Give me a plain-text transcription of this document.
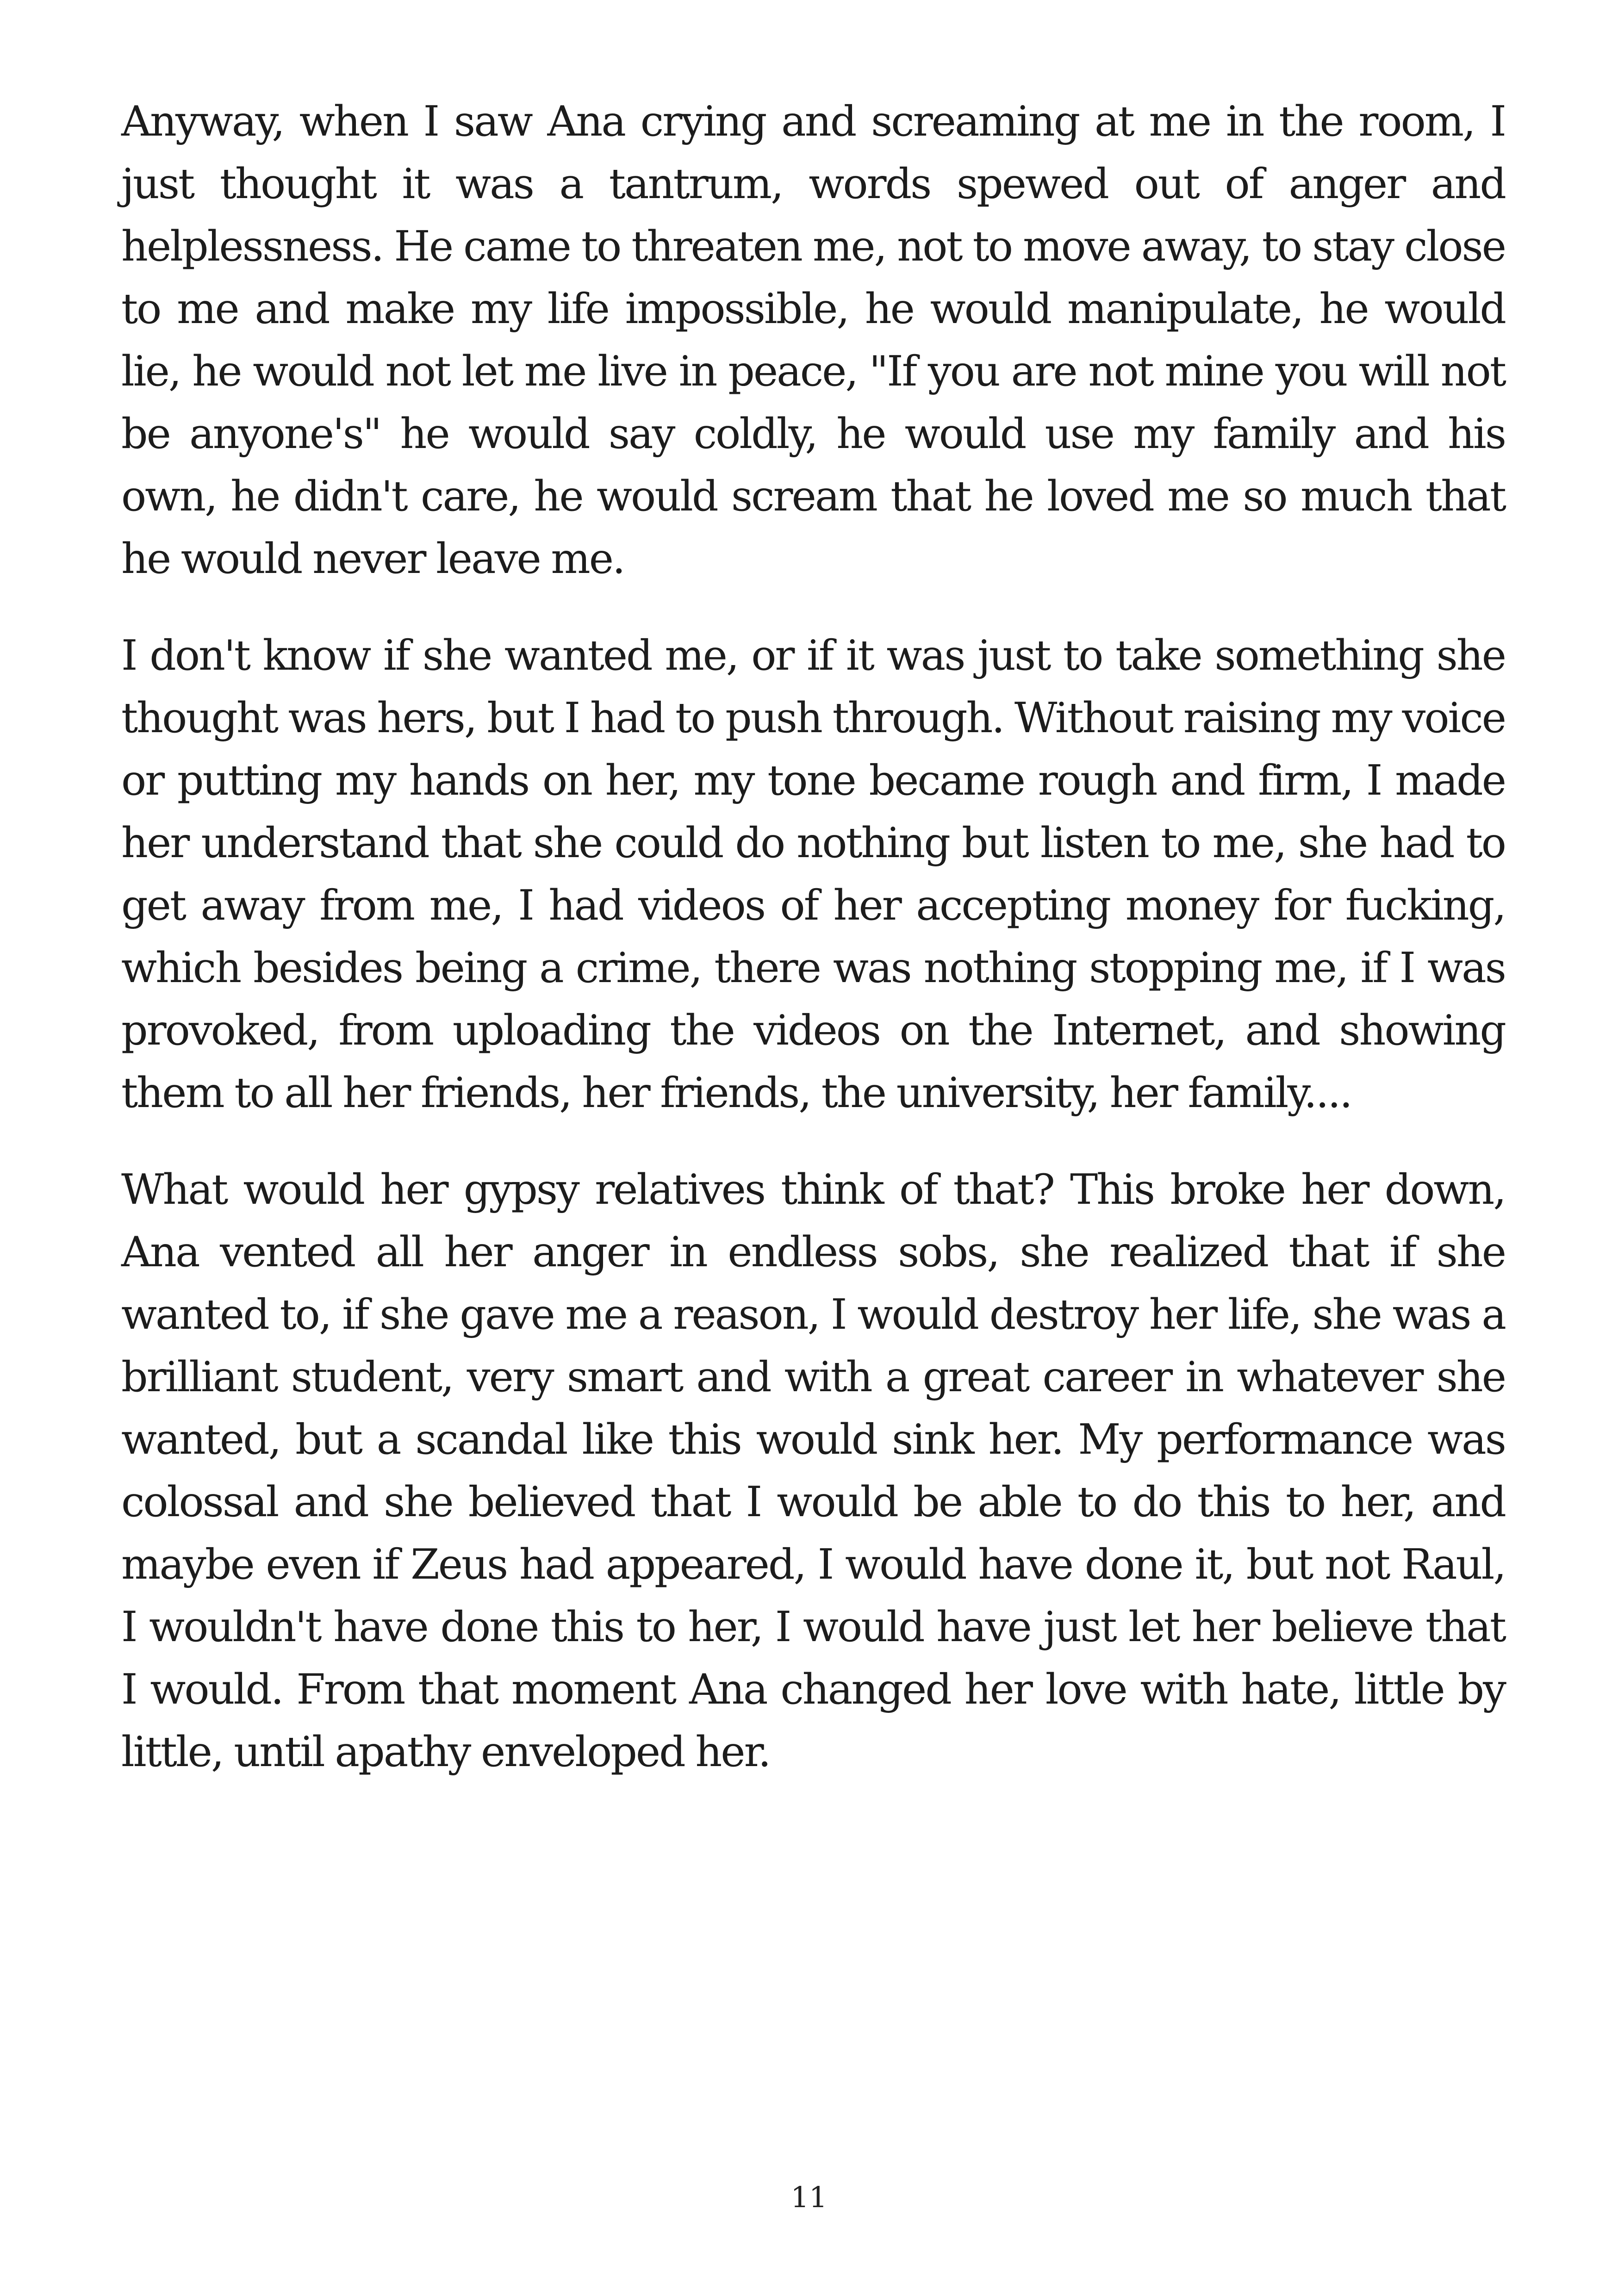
Anyway, when I saw Ana crying and screaming at me in the room, I just thought it was a tantrum, words spewed out of anger and helplessness. He came to threaten me, not to move away, to stay close to me and make my life impossible, he would manipulate, he would lie, he would not let me live in peace, "If you are not mine you will not be anyone's" he would say coldly, he would use my family and his own, he didn't care, he would scream that he loved me so much that he would never leave me.

I don't know if she wanted me, or if it was just to take something she thought was hers, but I had to push through. Without raising my voice or putting my hands on her, my tone became rough and firm, I made her understand that she could do nothing but listen to me, she had to get away from me, I had videos of her accepting money for fucking, which besides being a crime, there was nothing stopping me, if I was provoked, from uploading the videos on the Internet, and showing them to all her friends, her friends, the university, her family....

What would her gypsy relatives think of that? This broke her down, Ana vented all her anger in endless sobs, she realized that if she wanted to, if she gave me a reason, I would destroy her life, she was a brilliant student, very smart and with a great career in whatever she wanted, but a scandal like this would sink her. My performance was colossal and she believed that I would be able to do this to her, and maybe even if Zeus had appeared, I would have done it, but not Raul, I wouldn't have done this to her, I would have just let her believe that I would. From that moment Ana changed her love with hate, little by little, until apathy enveloped her.

11
